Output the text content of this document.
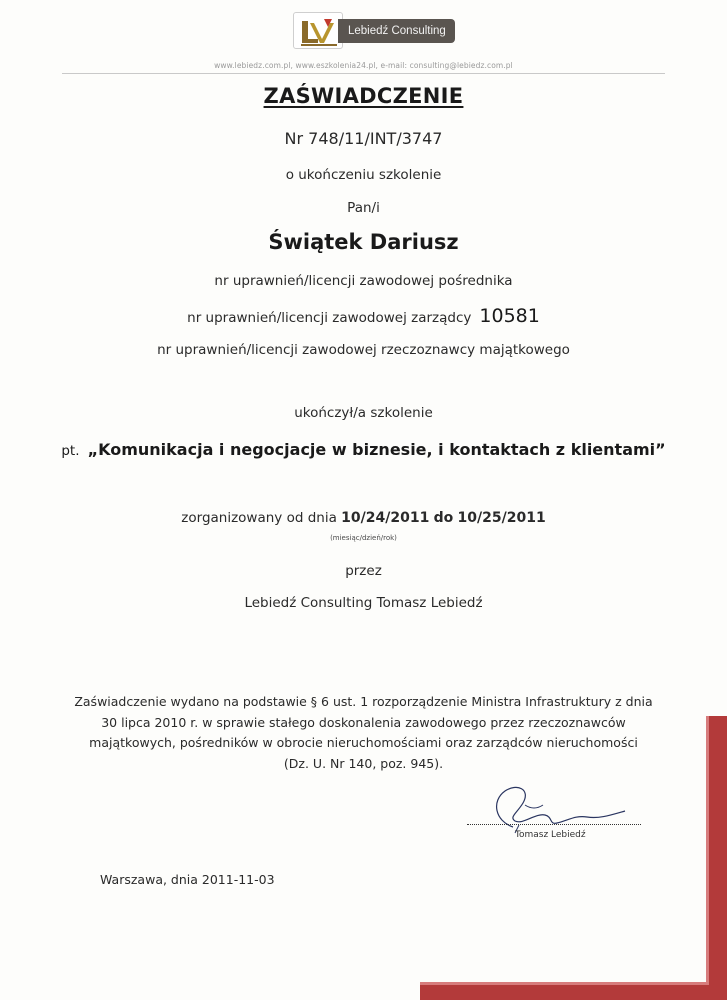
Lebiedź Consulting
www.lebiedz.com.pl, www.eszkolenia24.pl, e-mail: consulting@lebiedz.com.pl
ZAŚWIADCZENIE
Nr 748/11/INT/3747
o ukończeniu szkolenie
Pan/i
Świątek Dariusz
nr uprawnień/licencji zawodowej pośrednika
nr uprawnień/licencji zawodowej zarządcy 10581
nr uprawnień/licencji zawodowej rzeczoznawcy majątkowego
ukończył/a szkolenie
pt. „Komunikacja i negocjacje w biznesie, i kontaktach z klientami”
zorganizowany od dnia 10/24/2011 do 10/25/2011
(miesiąc/dzień/rok)
przez
Lebiedź Consulting Tomasz Lebiedź
Zaświadczenie wydano na podstawie § 6 ust. 1 rozporządzenie Ministra Infrastruktury z dnia
30 lipca 2010 r. w sprawie stałego doskonalenia zawodowego przez rzeczoznawców
majątkowych, pośredników w obrocie nieruchomościami oraz zarządców nieruchomości
(Dz. U. Nr 140, poz. 945).
Tomasz Lebiedź
Warszawa, dnia 2011-11-03
